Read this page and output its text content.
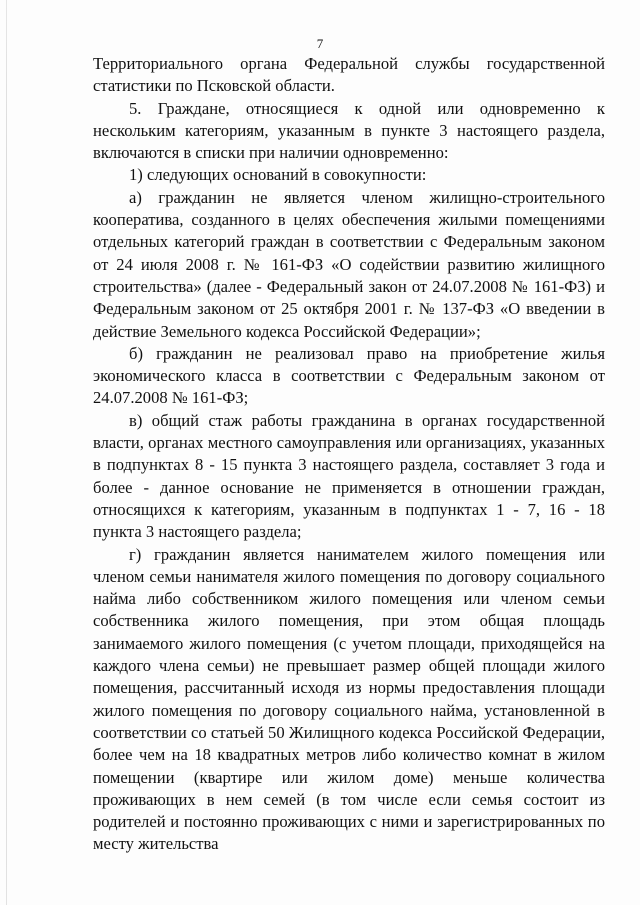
7

Территориального органа Федеральной службы государственной статистики по Псковской области.

5. Граждане, относящиеся к одной или одновременно к нескольким категориям, указанным в пункте 3 настоящего раздела, включаются в списки при наличии одновременно:

1) следующих оснований в совокупности:

а) гражданин не является членом жилищно-строительного кооператива, созданного в целях обеспечения жилыми помещениями отдельных категорий граждан в соответствии с Федеральным законом от 24 июля 2008 г. № 161-ФЗ «О содействии развитию жилищного строительства» (далее - Федеральный закон от 24.07.2008 № 161-ФЗ) и Федеральным законом от 25 октября 2001 г. № 137-ФЗ «О введении в действие Земельного кодекса Российской Федерации»;

б) гражданин не реализовал право на приобретение жилья экономического класса в соответствии с Федеральным законом от 24.07.2008 № 161-ФЗ;

в) общий стаж работы гражданина в органах государственной власти, органах местного самоуправления или организациях, указанных в подпунктах 8 - 15 пункта 3 настоящего раздела, составляет 3 года и более - данное основание не применяется в отношении граждан, относящихся к категориям, указанным в подпунктах 1 - 7, 16 - 18 пункта 3 настоящего раздела;

г) гражданин является нанимателем жилого помещения или членом семьи нанимателя жилого помещения по договору социального найма либо собственником жилого помещения или членом семьи собственника жилого помещения, при этом общая площадь занимаемого жилого помещения (с учетом площади, приходящейся на каждого члена семьи) не превышает размер общей площади жилого помещения, рассчитанный исходя из нормы предоставления площади жилого помещения по договору социального найма, установленной в соответствии со статьей 50 Жилищного кодекса Российской Федерации, более чем на 18 квадратных метров либо количество комнат в жилом помещении (квартире или жилом доме) меньше количества проживающих в нем семей (в том числе если семья состоит из родителей и постоянно проживающих с ними и зарегистрированных по месту жительства
